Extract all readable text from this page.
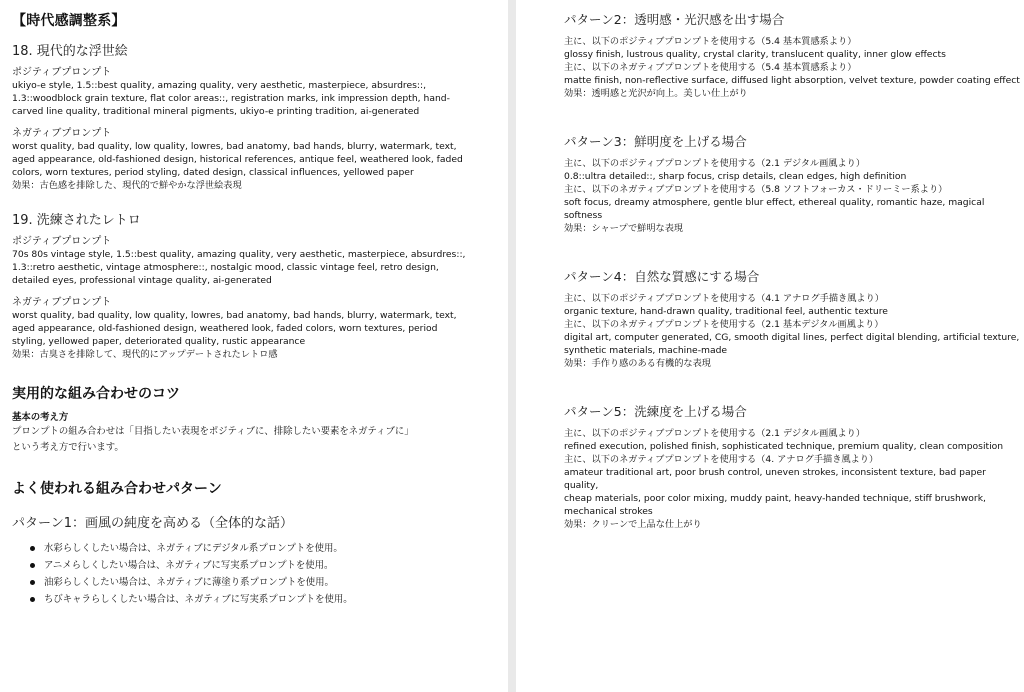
【時代感調整系】
18. 現代的な浮世絵
ポジティブプロンプト
ukiyo-e style, 1.5::best quality, amazing quality, very aesthetic, masterpiece, absurdres::,
1.3::woodblock grain texture, flat color areas::, registration marks, ink impression depth, hand-
carved line quality, traditional mineral pigments, ukiyo-e printing tradition, ai-generated
ネガティブプロンプト
worst quality, bad quality, low quality, lowres, bad anatomy, bad hands, blurry, watermark, text,
aged appearance, old-fashioned design, historical references, antique feel, weathered look, faded
colors, worn textures, period styling, dated design, classical influences, yellowed paper
効果：古色感を排除した、現代的で鮮やかな浮世絵表現
19. 洗練されたレトロ
ポジティブプロンプト
70s 80s vintage style, 1.5::best quality, amazing quality, very aesthetic, masterpiece, absurdres::,
1.3::retro aesthetic, vintage atmosphere::, nostalgic mood, classic vintage feel, retro design,
detailed eyes, professional vintage quality, ai-generated
ネガティブプロンプト
worst quality, bad quality, low quality, lowres, bad anatomy, bad hands, blurry, watermark, text,
aged appearance, old-fashioned design, weathered look, faded colors, worn textures, period
styling, yellowed paper, deteriorated quality, rustic appearance
効果：古臭さを排除して、現代的にアップデートされたレトロ感
実用的な組み合わせのコツ
基本の考え方
プロンプトの組み合わせは「目指したい表現をポジティブに、排除したい要素をネガティブに」
という考え方で行います。
よく使われる組み合わせパターン
パターン1：画風の純度を高める（全体的な話）
水彩らしくしたい場合は、ネガティブにデジタル系プロンプトを使用。
アニメらしくしたい場合は、ネガティブに写実系プロンプトを使用。
油彩らしくしたい場合は、ネガティブに薄塗り系プロンプトを使用。
ちびキャラらしくしたい場合は、ネガティブに写実系プロンプトを使用。
パターン2：透明感・光沢感を出す場合
主に、以下のポジティブプロンプトを使用する（5.4 基本質感系より）
glossy finish, lustrous quality, crystal clarity, translucent quality, inner glow effects
主に、以下のネガティブプロンプトを使用する（5.4 基本質感系より）
matte finish, non-reflective surface, diffused light absorption, velvet texture, powder coating effect
効果：透明感と光沢が向上。美しい仕上がり
パターン3：鮮明度を上げる場合
主に、以下のポジティブプロンプトを使用する（2.1 デジタル画風より）
0.8::ultra detailed::, sharp focus, crisp details, clean edges, high definition
主に、以下のネガティブプロンプトを使用する（5.8 ソフトフォーカス・ドリーミー系より）
soft focus, dreamy atmosphere, gentle blur effect, ethereal quality, romantic haze, magical softness
効果：シャープで鮮明な表現
パターン4：自然な質感にする場合
主に、以下のポジティブプロンプトを使用する（4.1 アナログ手描き風より）
organic texture, hand-drawn quality, traditional feel, authentic texture
主に、以下のネガティブプロンプトを使用する（2.1 基本デジタル画風より）
digital art, computer generated, CG, smooth digital lines, perfect digital blending, artificial texture,
synthetic materials, machine-made
効果：手作り感のある有機的な表現
パターン5：洗練度を上げる場合
主に、以下のポジティブプロンプトを使用する（2.1 デジタル画風より）
refined execution, polished finish, sophisticated technique, premium quality, clean composition
主に、以下のネガティブプロンプトを使用する（4. アナログ手描き風より）
amateur traditional art, poor brush control, uneven strokes, inconsistent texture, bad paper quality,
cheap materials, poor color mixing, muddy paint, heavy-handed technique, stiff brushwork,
mechanical strokes
効果：クリーンで上品な仕上がり
